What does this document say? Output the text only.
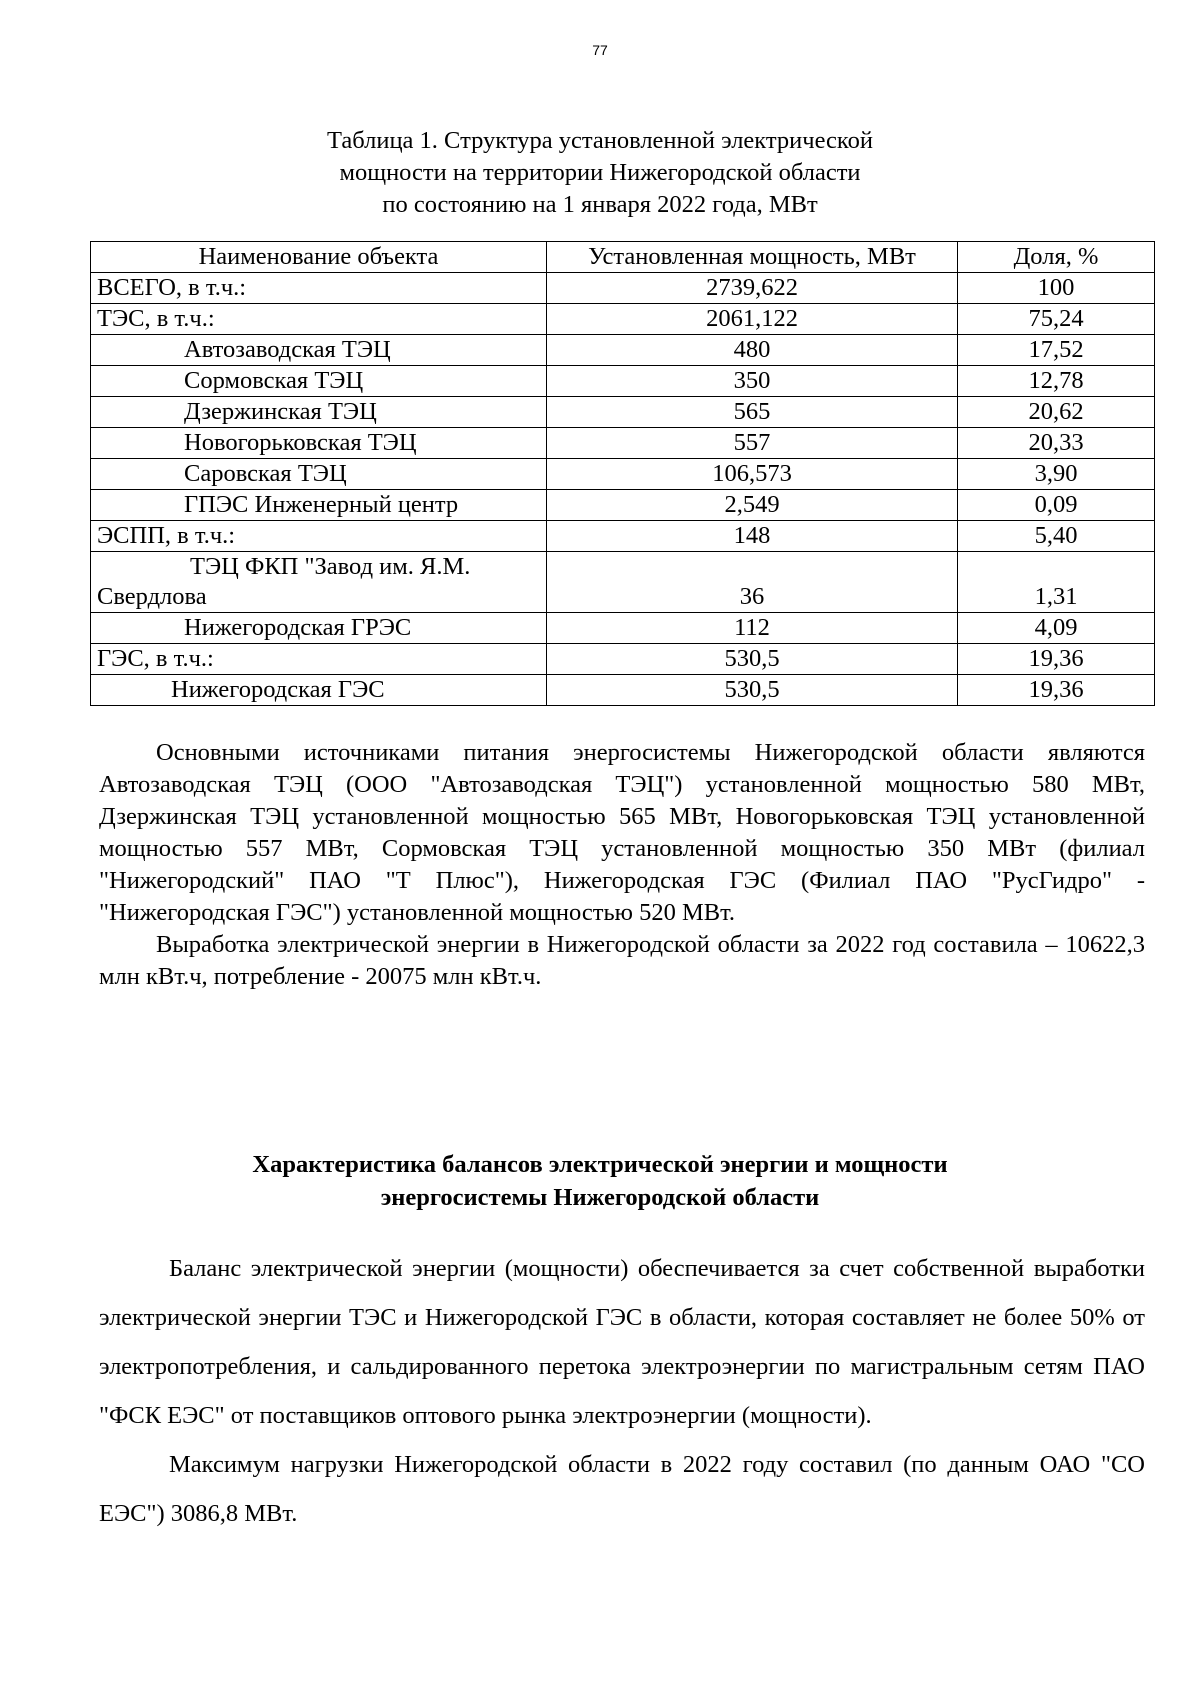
77
Таблица 1. Структура установленной электрической
мощности на территории Нижегородской области
по состоянию на 1 января 2022 года, МВт
Наименование объекта	Установленная мощность, МВт	Доля, %
ВСЕГО, в т.ч.:	2739,622	100
ТЭС, в т.ч.:	2061,122	75,24
Автозаводская ТЭЦ	480	17,52
Сормовская ТЭЦ	350	12,78
Дзержинская ТЭЦ	565	20,62
Новогорьковская ТЭЦ	557	20,33
Саровская ТЭЦ	106,573	3,90
ГПЭС Инженерный центр	2,549	0,09
ЭСПП, в т.ч.:	148	5,40

ТЭЦ ФКП "Завод им. Я.М.
Свердлова	36	1,31
Нижегородская ГРЭС	112	4,09
ГЭС, в т.ч.:	530,5	19,36
Нижегородская ГЭС	530,5	19,36

Основными источниками питания энергосистемы Нижегородской области являются Автозаводская ТЭЦ (ООО "Автозаводская ТЭЦ") установленной мощностью 580 МВт, Дзержинская ТЭЦ установленной мощностью 565 МВт, Новогорьковская ТЭЦ установленной мощностью 557 МВт, Сормовская ТЭЦ установленной мощностью 350 МВт (филиал "Нижегородский" ПАО "Т Плюс"), Нижегородская ГЭС (Филиал ПАО "РусГидро" - "Нижегородская ГЭС") установленной мощностью 520 МВт.

Выработка электрической энергии в Нижегородской области за 2022 год составила – 10622,3 млн кВт.ч, потребление - 20075 млн кВт.ч.

Характеристика балансов электрической энергии и мощности
энергосистемы Нижегородской области

Баланс электрической энергии (мощности) обеспечивается за счет собственной выработки электрической энергии ТЭС и Нижегородской ГЭС в области, которая составляет не более 50% от электропотребления, и сальдированного перетока электроэнергии по магистральным сетям ПАО "ФСК ЕЭС" от поставщиков оптового рынка электроэнергии (мощности).

Максимум нагрузки Нижегородской области в 2022 году составил (по данным ОАО "СО ЕЭС") 3086,8 МВт.
